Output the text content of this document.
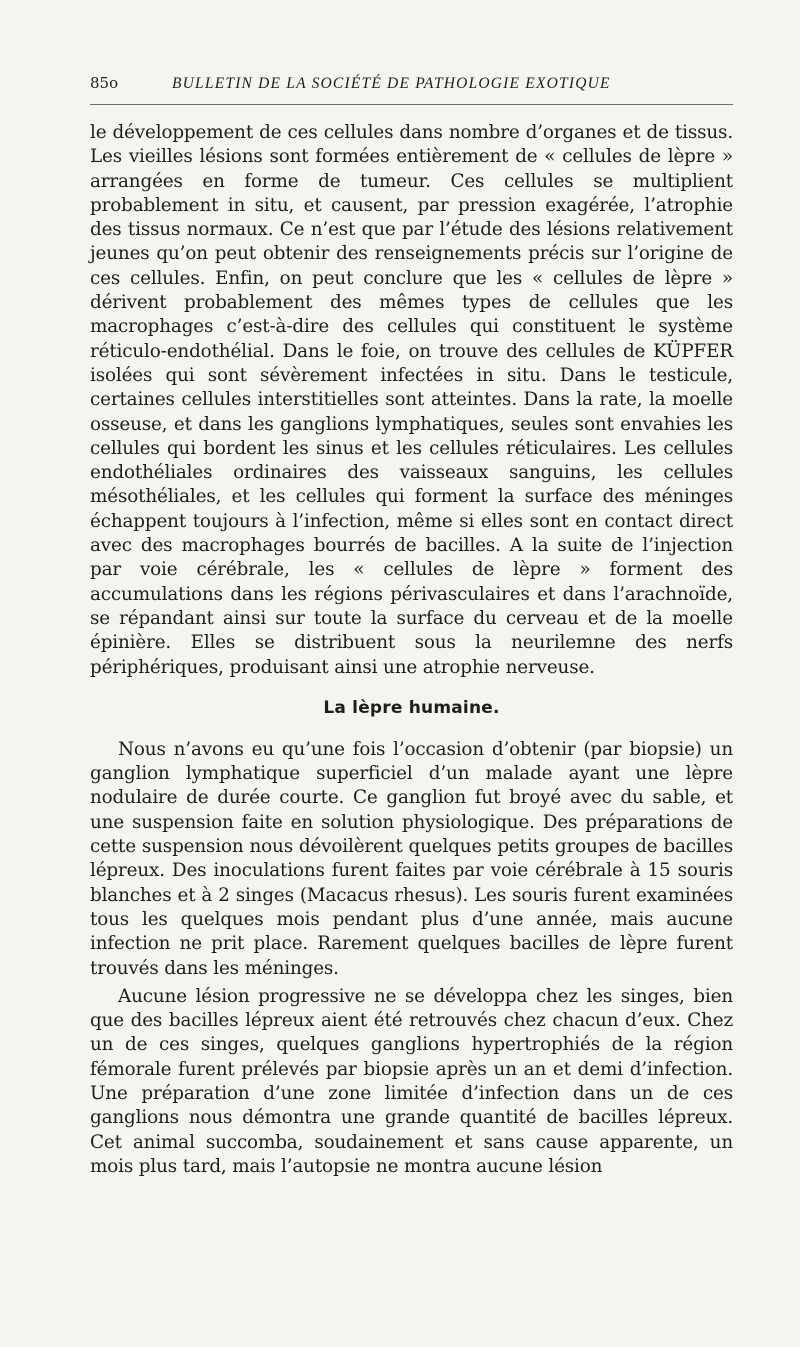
85o	BULLETIN DE LA SOCIÉTÉ DE PATHOLOGIE EXOTIQUE

le développement de ces cellules dans nombre d’organes et de tissus. Les vieilles lésions sont formées entièrement de « cellules de lèpre » arrangées en forme de tumeur. Ces cellules se multiplient probablement in situ, et causent, par pression exagérée, l’atrophie des tissus normaux. Ce n’est que par l’étude des lésions relativement jeunes qu’on peut obtenir des renseignements précis sur l’origine de ces cellules. Enfin, on peut conclure que les « cellules de lèpre » dérivent probablement des mêmes types de cellules que les macrophages c’est-à-dire des cellules qui constituent le système réticulo-endothélial. Dans le foie, on trouve des cellules de KÜPFER isolées qui sont sévèrement infectées in situ. Dans le testicule, certaines cellules interstitielles sont atteintes. Dans la rate, la moelle osseuse, et dans les ganglions lymphatiques, seules sont envahies les cellules qui bordent les sinus et les cellules réticulaires. Les cellules endothéliales ordinaires des vaisseaux sanguins, les cellules mésothéliales, et les cellules qui forment la surface des méninges échappent toujours à l’infection, même si elles sont en contact direct avec des macrophages bourrés de bacilles. A la suite de l’injection par voie cérébrale, les « cellules de lèpre » forment des accumulations dans les régions périvasculaires et dans l’arachnoïde, se répandant ainsi sur toute la surface du cerveau et de la moelle épinière. Elles se distribuent sous la neurilemne des nerfs périphériques, produisant ainsi une atrophie nerveuse.

La lèpre humaine.

Nous n’avons eu qu’une fois l’occasion d’obtenir (par biopsie) un ganglion lymphatique superficiel d’un malade ayant une lèpre nodulaire de durée courte. Ce ganglion fut broyé avec du sable, et une suspension faite en solution physiologique. Des préparations de cette suspension nous dévoilèrent quelques petits groupes de bacilles lépreux. Des inoculations furent faites par voie cérébrale à 15 souris blanches et à 2 singes (Macacus rhesus). Les souris furent examinées tous les quelques mois pendant plus d’une année, mais aucune infection ne prit place. Rarement quelques bacilles de lèpre furent trouvés dans les méninges.

Aucune lésion progressive ne se développa chez les singes, bien que des bacilles lépreux aient été retrouvés chez chacun d’eux. Chez un de ces singes, quelques ganglions hypertrophiés de la région fémorale furent prélevés par biopsie après un an et demi d’infection. Une préparation d’une zone limitée d’infection dans un de ces ganglions nous démontra une grande quantité de bacilles lépreux. Cet animal succomba, soudainement et sans cause apparente, un mois plus tard, mais l’autopsie ne montra aucune lésion
